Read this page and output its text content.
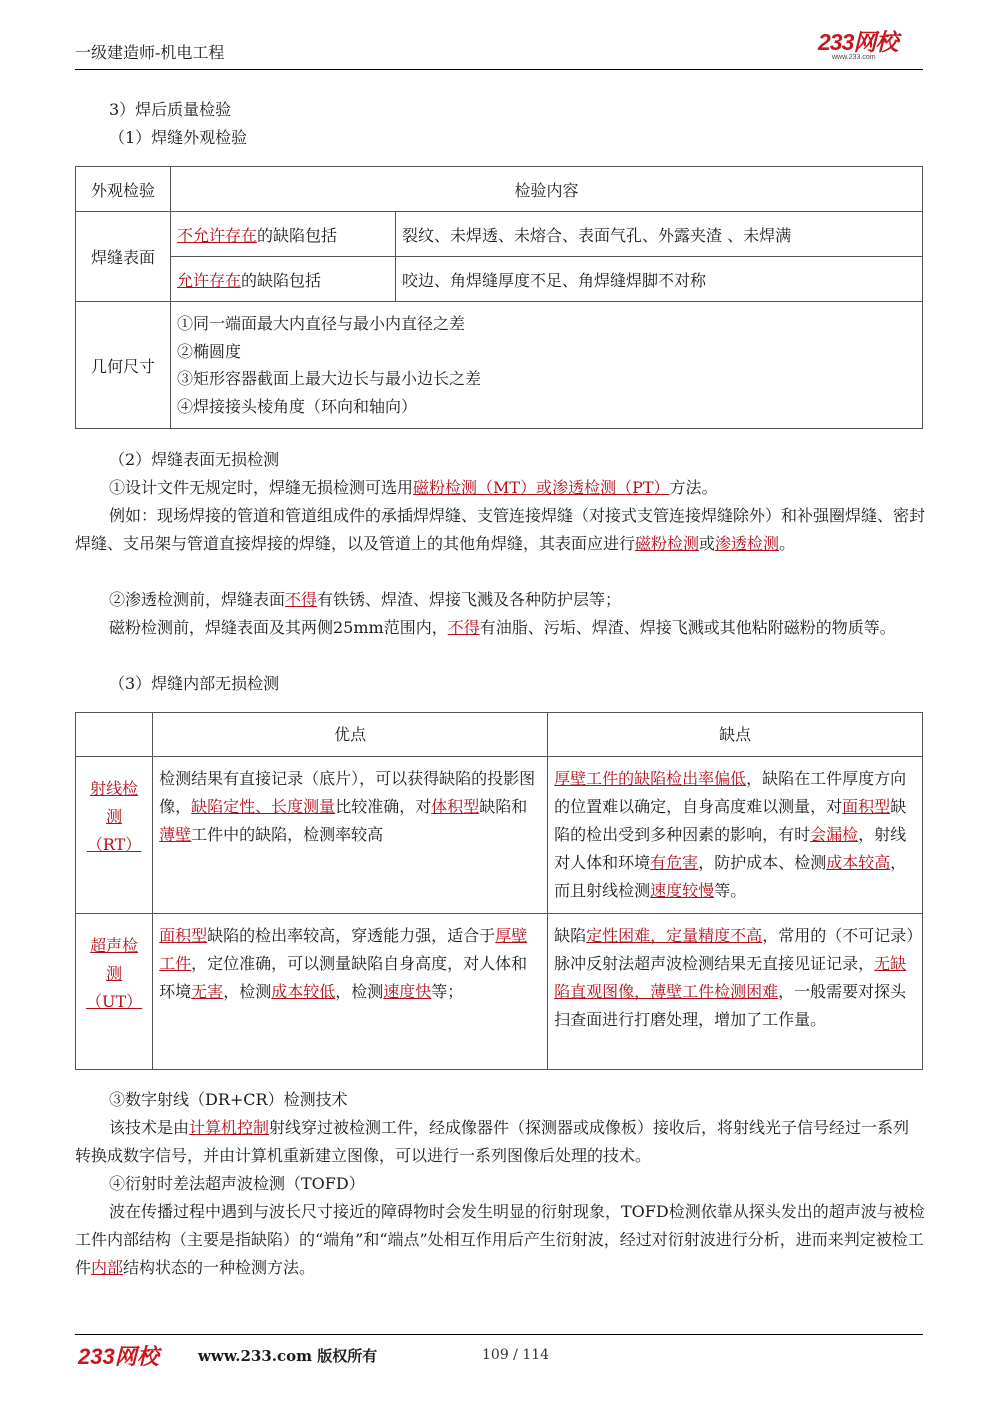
一级建造师-机电工程	233网校
www.233.com

3）焊后质量检验

（1）焊缝外观检验

外观检验	检验内容	
焊缝表面	不允许存在的缺陷包括	裂纹、未焊透、未熔合、表面气孔、外露夹渣 、未焊满
	允许存在的缺陷包括	咬边、角焊缝厚度不足、角焊缝焊脚不对称
几何尺寸	①同一端面最大内直径与最小内直径之差
②椭圆度
③矩形容器截面上最大边长与最小边长之差
④焊接接头棱角度（环向和轴向）	

（2）焊缝表面无损检测

①设计文件无规定时，焊缝无损检测可选用磁粉检测（MT）或渗透检测（PT）方法。

例如：现场焊接的管道和管道组成件的承插焊焊缝、支管连接焊缝（对接式支管连接焊缝除外）和补强圈焊缝、密封焊缝、支吊架与管道直接焊接的焊缝，以及管道上的其他角焊缝，其表面应进行磁粉检测或渗透检测。

②渗透检测前，焊缝表面不得有铁锈、焊渣、焊接飞溅及各种防护层等；

磁粉检测前，焊缝表面及其两侧25mm范围内，不得有油脂、污垢、焊渣、焊接飞溅或其他粘附磁粉的物质等。

（3）焊缝内部无损检测

	优点	缺点
射线检测（RT）	检测结果有直接记录（底片），可以获得缺陷的投影图像，缺陷定性、长度测量比较准确，对体积型缺陷和薄壁工件中的缺陷，检测率较高	厚壁工件的缺陷检出率偏低，缺陷在工件厚度方向的位置难以确定，自身高度难以测量，对面积型缺陷的检出受到多种因素的影响，有时会漏检，射线对人体和环境有危害，防护成本、检测成本较高，而且射线检测速度较慢等。
超声检测（UT）	面积型缺陷的检出率较高，穿透能力强，适合于厚壁工件，定位准确，可以测量缺陷自身高度，对人体和环境无害，检测成本较低，检测速度快等；	缺陷定性困难，定量精度不高，常用的（不可记录）脉冲反射法超声波检测结果无直接见证记录，无缺陷直观图像，薄壁工件检测困难，一般需要对探头扫查面进行打磨处理，增加了工作量。

③数字射线（DR+CR）检测技术

该技术是由计算机控制射线穿过被检测工件，经成像器件（探测器或成像板）接收后，将射线光子信号经过一系列转换成数字信号，并由计算机重新建立图像，可以进行一系列图像后处理的技术。

④衍射时差法超声波检测（TOFD）

波在传播过程中遇到与波长尺寸接近的障碍物时会发生明显的衍射现象，TOFD检测依靠从探头发出的超声波与被检工件内部结构（主要是指缺陷）的“端角”和“端点”处相互作用后产生衍射波，经过对衍射波进行分析，进而来判定被检工件内部结构状态的一种检测方法。

233网校	www.233.com 版权所有	109 / 114
